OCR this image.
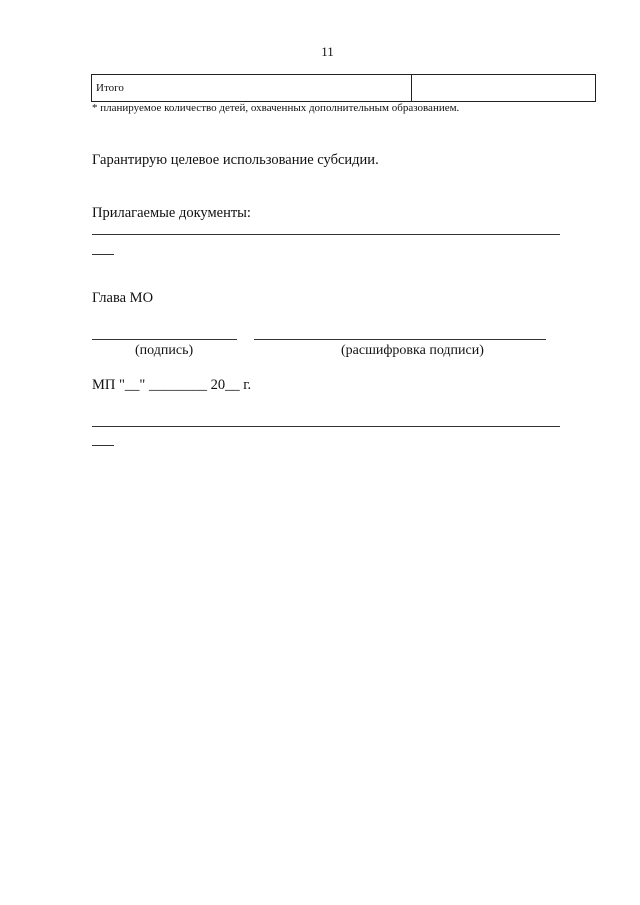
11
Итого	
* планируемое количество детей, охваченных дополнительным образованием.
Гарантирую целевое использование субсидии.
Прилагаемые документы:
Глава МО
(подпись)	(расшифровка подписи)
МП "__" ________ 20__ г.
